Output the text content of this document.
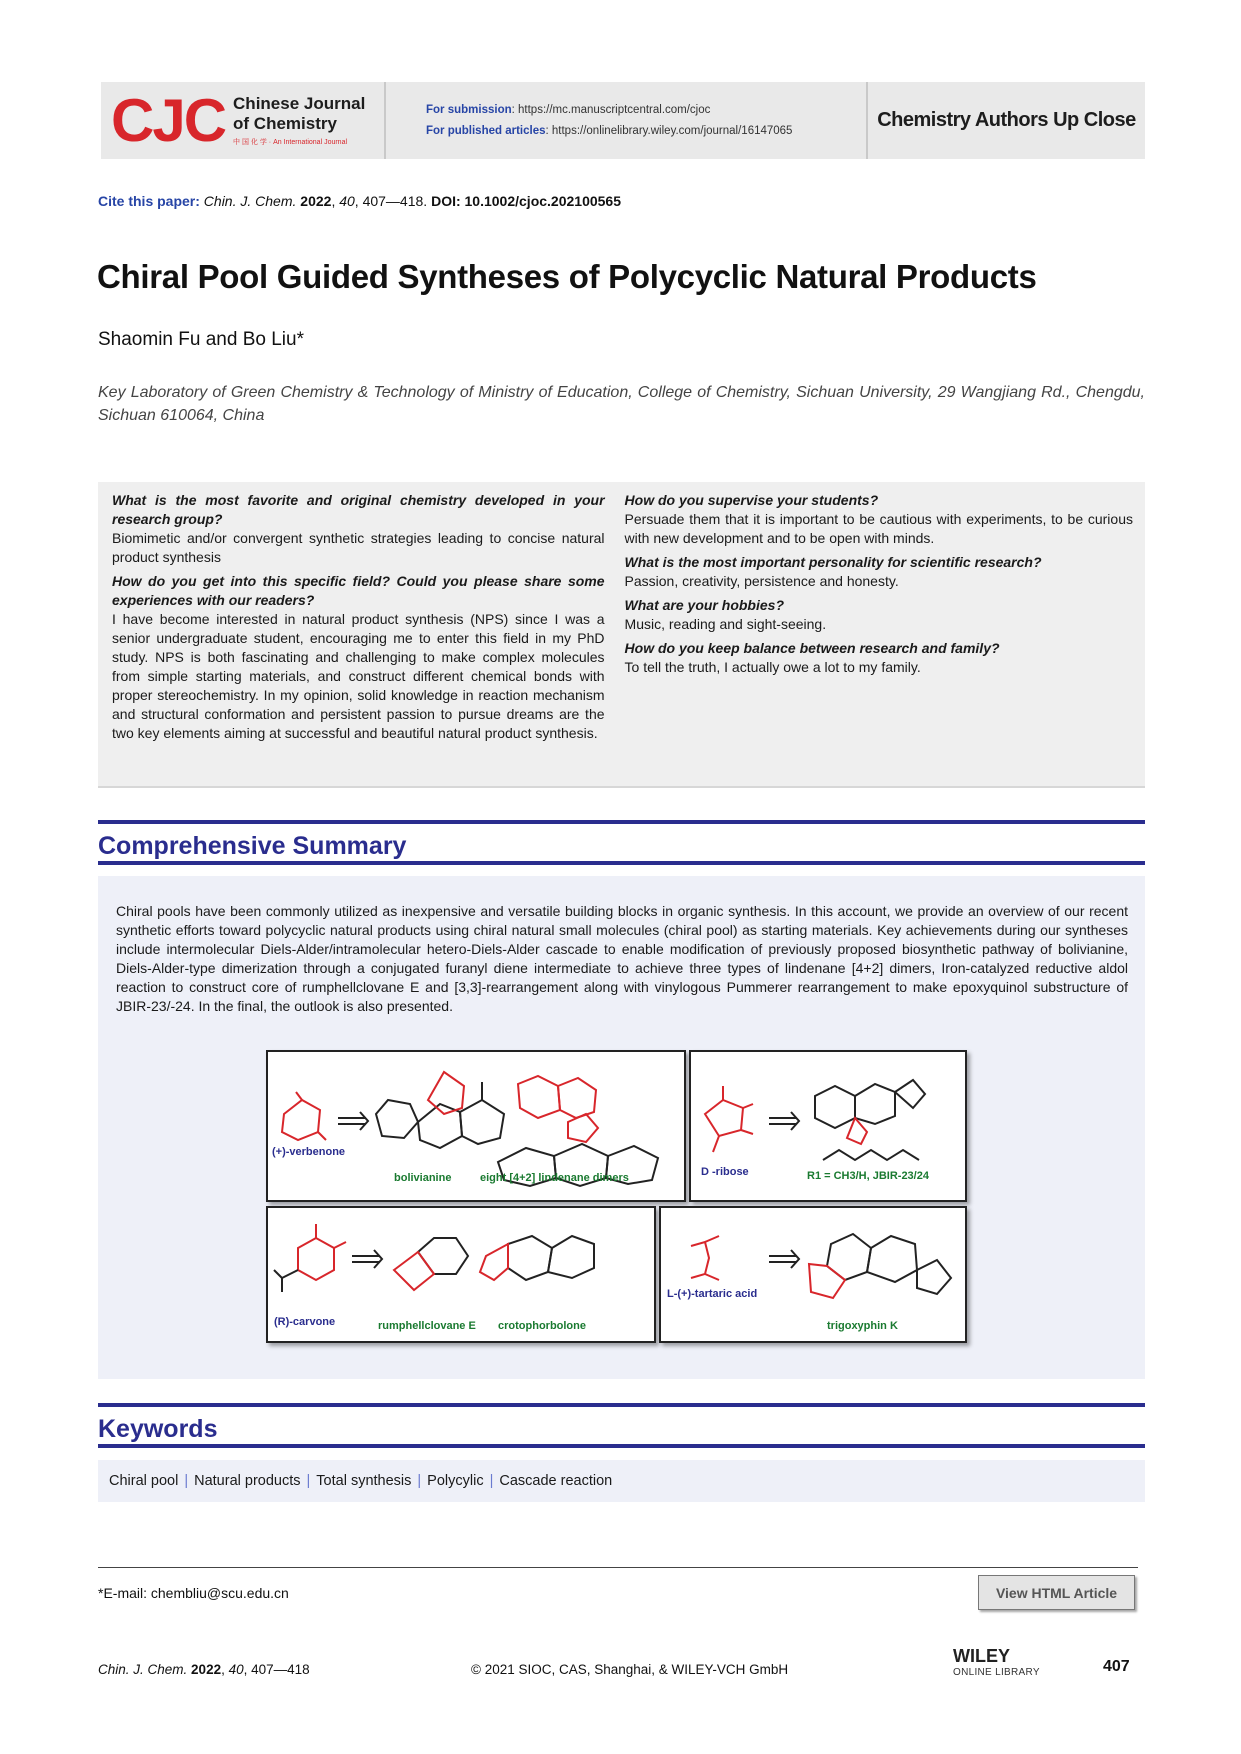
CJC Chinese Journal
of Chemistry
中 国 化 学 · An International Journal
For submission: https://mc.manuscriptcentral.com/cjoc
For published articles: https://onlinelibrary.wiley.com/journal/16147065	Chemistry Authors Up Close
Cite this paper: Chin. J. Chem. 2022, 40, 407—418. DOI: 10.1002/cjoc.202100565
Chiral Pool Guided Syntheses of Polycyclic Natural Products
Shaomin Fu and Bo Liu*
Key Laboratory of Green Chemistry & Technology of Ministry of Education, College of Chemistry, Sichuan University, 29 Wangjiang Rd., Chengdu, Sichuan 610064, China
What is the most favorite and original chemistry developed in your research group?
Biomimetic and/or convergent synthetic strategies leading to concise natural product synthesis
How do you get into this specific field? Could you please share some experiences with our readers?
I have become interested in natural product synthesis (NPS) since I was a senior undergraduate student, encouraging me to enter this field in my PhD study. NPS is both fascinating and challenging to make complex molecules from simple starting materials, and construct different chemical bonds with proper stereochemistry. In my opinion, solid knowledge in reaction mechanism and structural conformation and persistent passion to pursue dreams are the two key elements aiming at successful and beautiful natural product synthesis.
How do you supervise your students?
Persuade them that it is important to be cautious with experiments, to be curious with new development and to be open with minds.
What is the most important personality for scientific research?
Passion, creativity, persistence and honesty.
What are your hobbies?
Music, reading and sight-seeing.
How do you keep balance between research and family?
To tell the truth, I actually owe a lot to my family.
Comprehensive Summary

Chiral pools have been commonly utilized as inexpensive and versatile building blocks in organic synthesis. In this account, we provide an overview of our recent synthetic efforts toward polycyclic natural products using chiral natural small molecules (chiral pool) as starting materials. Key achievements during our syntheses include intermolecular Diels-Alder/intramolecular hetero-Diels-Alder cascade to enable modification of previously proposed biosynthetic pathway of bolivianine, Diels-Alder-type dimerization through a conjugated furanyl diene intermediate to achieve three types of lindenane [4+2] dimers, Iron-catalyzed reductive aldol reaction to construct core of rumphellclovane E and [3,3]-rearrangement along with vinylogous Pummerer rearrangement to make epoxyquinol substructure of JBIR-23/-24. In the final, the outlook is also presented.

(+)-verbenone
bolivianine	eight [4+2] lindenane dimers	D -ribose	R1 = CH3/H, JBIR-23/24
(R)-carvone	rumphellclovane E crotophorbolone
L-(+)-tartaric acid
trigoxyphin K
Keywords
Chiral pool | Natural products | Total synthesis | Polycylic | Cascade reaction
*E-mail: chembliu@scu.edu.cn	View HTML Article
Chin. J. Chem. 2022, 40, 407—418	© 2021 SIOC, CAS, Shanghai, & WILEY-VCH GmbH
WILEY
ONLINE LIBRARY	407
